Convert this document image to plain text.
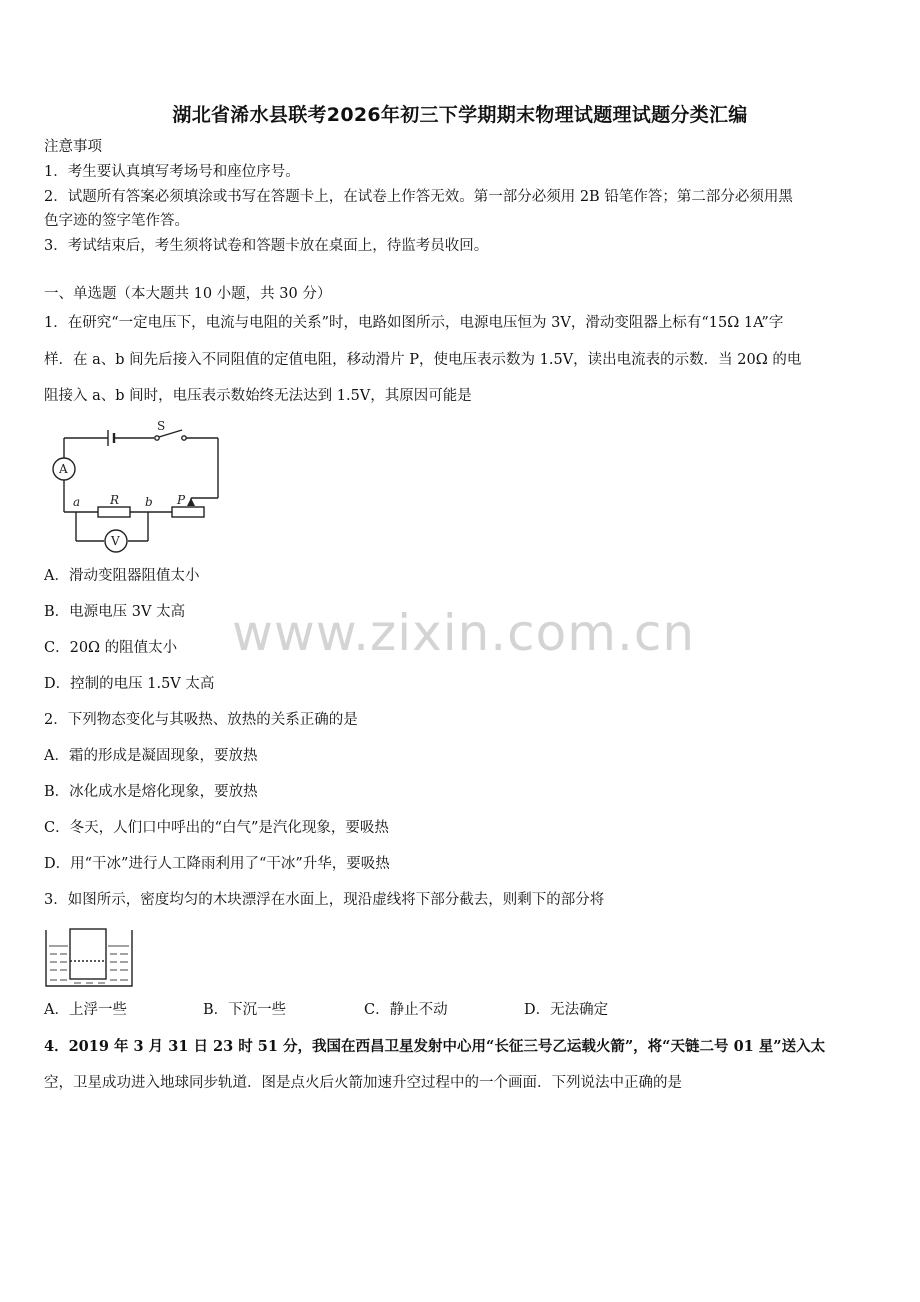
湖北省浠水县联考2026年初三下学期期末物理试题理试题分类汇编
注意事项
1．考生要认真填写考场号和座位序号。
2．试题所有答案必须填涂或书写在答题卡上，在试卷上作答无效。第一部分必须用 2B 铅笔作答；第二部分必须用黑
色字迹的签字笔作答。
3．考试结束后，考生须将试卷和答题卡放在桌面上，待监考员收回。
一、单选题（本大题共 10 小题，共 30 分）
1．在研究“一定电压下，电流与电阻的关系”时，电路如图所示，电源电压恒为 3V，滑动变阻器上标有“15Ω 1A”字
样．在 a、b 间先后接入不同阻值的定值电阻，移动滑片 P，使电压表示数为 1.5V，读出电流表的示数．当 20Ω 的电
阻接入 a、b 间时，电压表示数始终无法达到 1.5V，其原因可能是
S
A
V
a R b P
A．滑动变阻器阻值太小
B．电源电压 3V 太高
C．20Ω 的阻值太小
D．控制的电压 1.5V 太高
2．下列物态变化与其吸热、放热的关系正确的是
A．霜的形成是凝固现象，要放热
B．冰化成水是熔化现象，要放热
C．冬天，人们口中呼出的“白气”是汽化现象，要吸热
D．用“干冰”进行人工降雨利用了“干冰”升华，要吸热
3．如图所示，密度均匀的木块漂浮在水面上，现沿虚线将下部分截去，则剩下的部分将
A．上浮一些	B．下沉一些	C．静止不动	D．无法确定
4．2019 年 3 月 31 日 23 时 51 分，我国在西昌卫星发射中心用“长征三号乙运载火箭”，将“天链二号 01 星”送入太
空，卫星成功进入地球同步轨道．图是点火后火箭加速升空过程中的一个画面．下列说法中正确的是
www.zixin.com.cn
